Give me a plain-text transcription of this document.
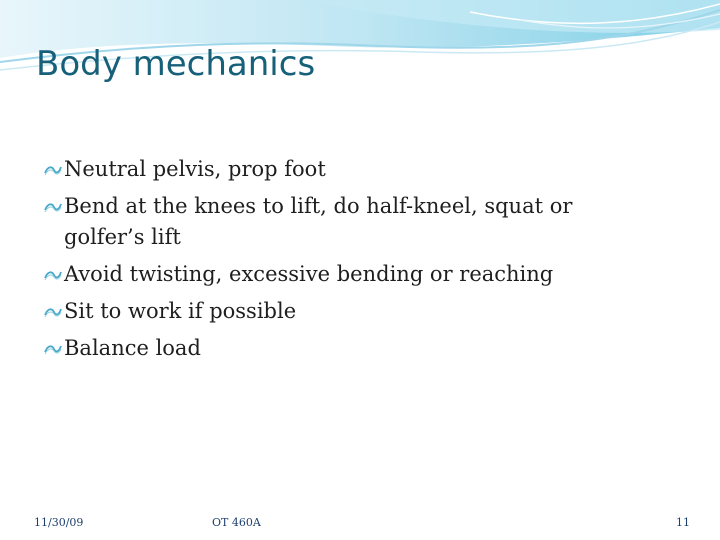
Body mechanics
Neutral pelvis, prop foot
Bend at the knees to lift, do half-kneel, squat or golfer’s lift
Avoid twisting, excessive bending or reaching
Sit to work if possible
Balance load
11/30/09	OT 460A	11
